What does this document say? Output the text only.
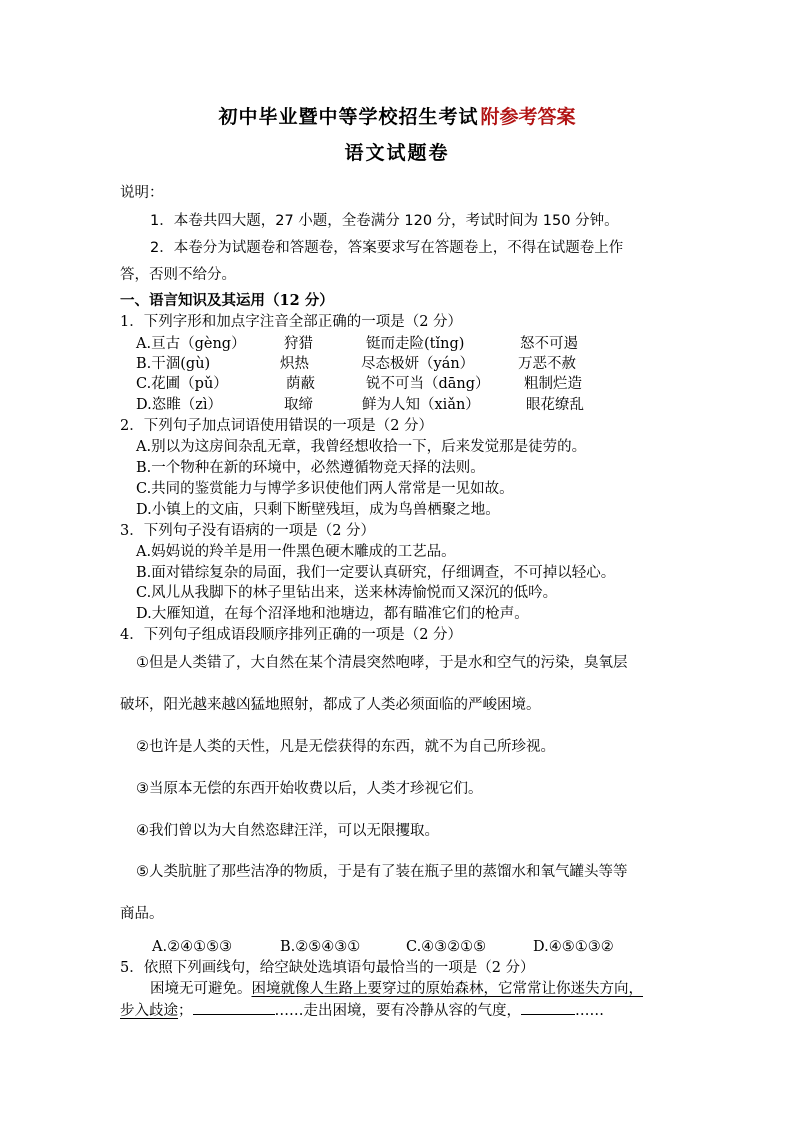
初中毕业暨中等学校招生考试 附参考答案
语文试题卷
说明：
1．本卷共四大题，27 小题，全卷满分 120 分，考试时间为 150 分钟。
2．本卷分为试题卷和答题卷，答案要求写在答题卷上，不得在试题卷上作
答，否则不给分。
一、语言知识及其运用（12 分）
1．下列字形和加点字注音全部正确的一项是（2 分）
A.亘古（gèng）	狩猎	铤而走险(tǐng)	怒不可遏
B.干涸(gù)	炽热	尽态极妍（yán）	万恶不赦
C.花圃（pǔ）	荫蔽	锐不可当（dāng） 粗制烂造
D.恣睢（zì）	取缔	鲜为人知（xiǎn）	眼花缭乱
2．下列句子加点词语使用错误的一项是（2 分）
A.别以为这房间杂乱无章，我曾经想收拾一下，后来发觉那是徒劳的。
B.一个物种在新的环境中，必然遵循物竞天择的法则。
C.共同的鉴赏能力与博学多识使他们两人常常是一见如故。
D.小镇上的文庙，只剩下断壁残垣，成为鸟兽栖聚之地。
3．下列句子没有语病的一项是（2 分）
A.妈妈说的羚羊是用一件黑色硬木雕成的工艺品。
B.面对错综复杂的局面，我们一定要认真研究，仔细调查，不可掉以轻心。
C.风儿从我脚下的林子里钻出来，送来林涛愉悦而又深沉的低吟。
D.大雁知道，在每个沼泽地和池塘边，都有瞄准它们的枪声。
4．下列句子组成语段顺序排列正确的一项是（2 分）
①但是人类错了，大自然在某个清晨突然咆哮，于是水和空气的污染，臭氧层
破坏，阳光越来越凶猛地照射，都成了人类必须面临的严峻困境。
②也许是人类的天性，凡是无偿获得的东西，就不为自己所珍视。
③当原本无偿的东西开始收费以后，人类才珍视它们。
④我们曾以为大自然恣肆汪洋，可以无限攫取。
⑤人类肮脏了那些洁净的物质，于是有了装在瓶子里的蒸馏水和氧气罐头等等
商品。
A.②④①⑤③	B.②⑤④③①	C.④③②①⑤	D.④⑤①③②
5．依照下列画线句，给空缺处选填语句最恰当的一项是（2 分）
困境无可避免。困境就像人生路上要穿过的原始森林，它常常让你迷失方向，
步入歧途；	……走出困境，要有冷静从容的气度，	……
